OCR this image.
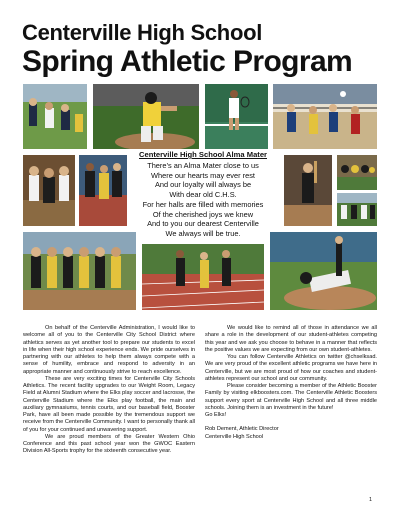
Centerville High School
Spring Athletic Program
Centerville High School Alma Mater
There’s an Alma Mater close to us
Where our hearts may ever rest
And our loyalty will always be
With dear old C.H.S.
For her halls are filled with memories
Of the cherished joys we knew
And to you our dearest Centerville
We always will be true.

On behalf of the Centerville Administration, I would like to welcome all of you to the Centerville City School District where athletics serves as yet another tool to prepare our students to excel in life when their high school experience ends. We pride ourselves in partnering with our athletes to help them always compete with a sense of humility, embrace and respond to adversity in an appropriate manner and continuously strive to reach excellence.

These are very exciting times for Centerville City Schools Athletics. The recent facility upgrades to our Weight Room, Legacy Field at Alumni Stadium where the Elks play soccer and lacrosse, the Centerville Stadium where the Elks play football, the main and auxiliary gymnasiums, tennis courts, and our baseball field, Booster Park, have all been made possible by the tremendous support we receive from the Centerville Community. I want to personally thank all of you for your continued and unwavering support.

We are proud members of the Greater Western Ohio Conference and this past school year won the GWOC Eastern Division All-Sports trophy for the sixteenth consecutive year.

We would like to remind all of those in attendance we all share a role in the development of our student-athletes competing this year and we ask you choose to behave in a manner that reflects the positive values we are expecting from our own student-athletes.

You can follow Centerville Athletics on twitter @chselksad. We are very proud of the excellent athletic programs we have here in Centerville, but we are most proud of how our coaches and student-athletes represent our school and our community.

Please consider becoming a member of the Athletic Booster Family by visiting elkboosters.com. The Centerville Athletic Boosters support every sport at Centerville High School and all three middle schools. Joining them is an investment in the future!

Go Elks!

Rob Dement, Athletic Director

Centerville High School

1
